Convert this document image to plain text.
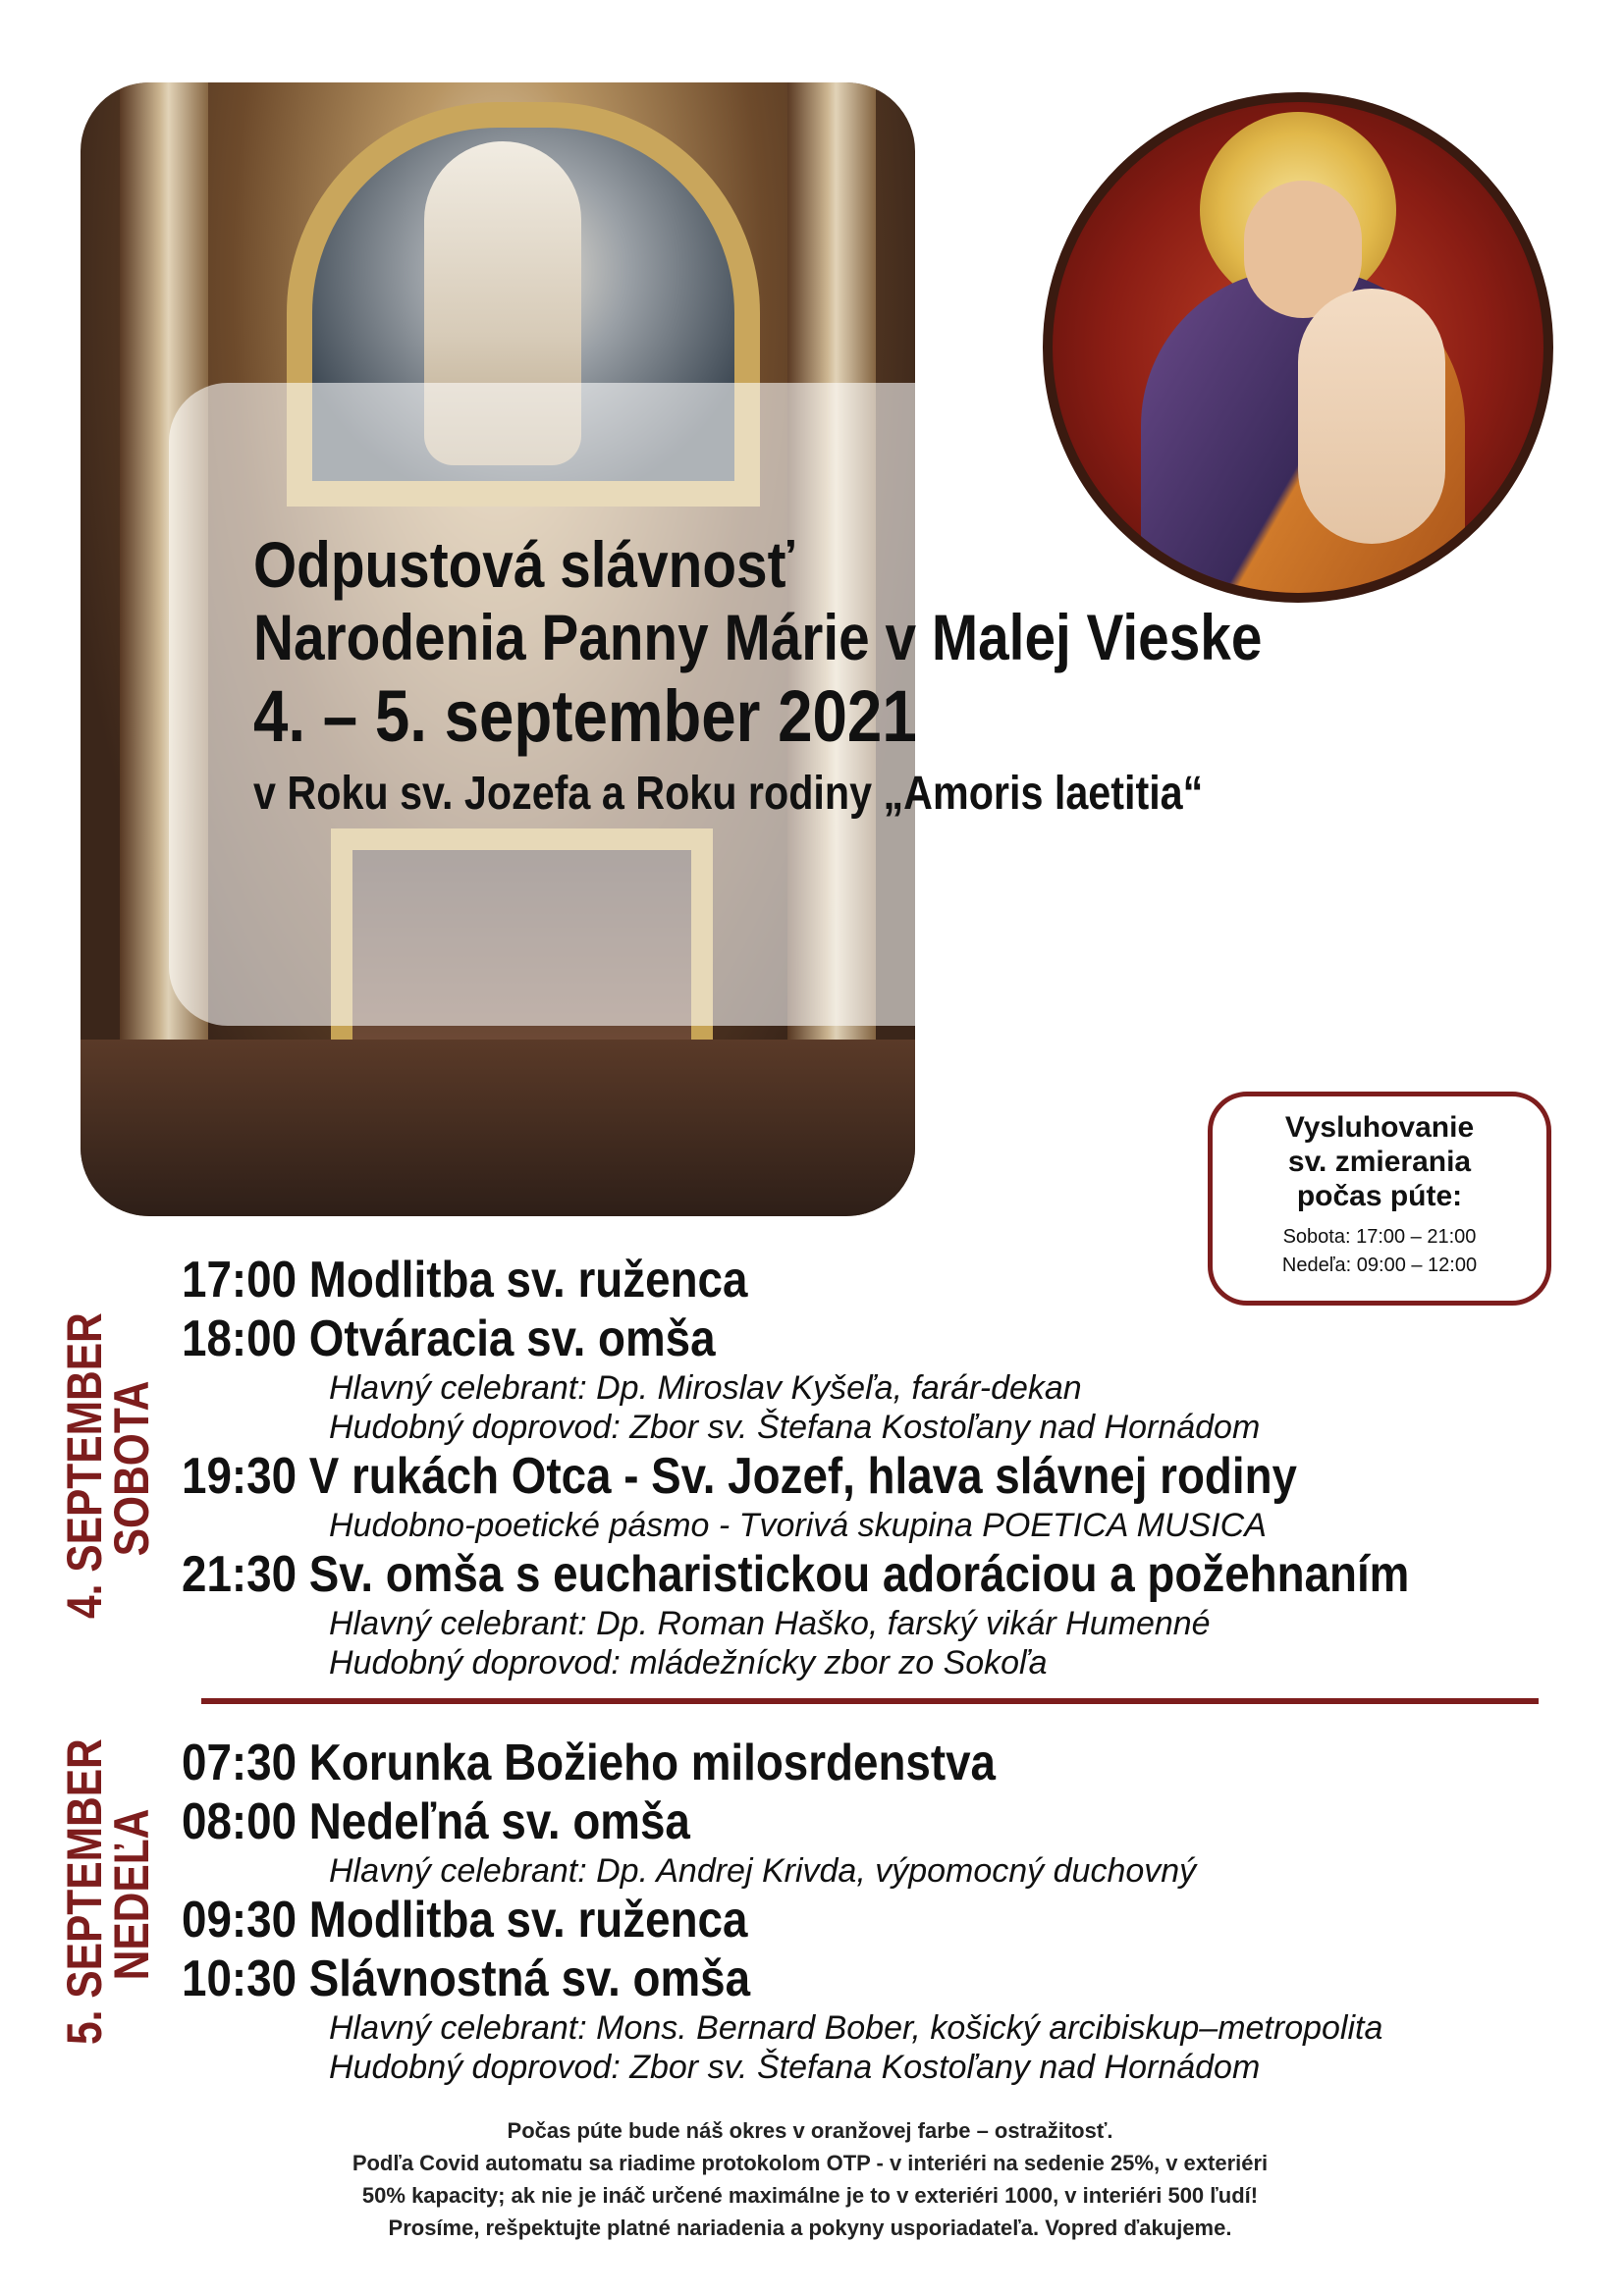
Odpustová slávnosť
Narodenia Panny Márie v Malej Vieske
4. – 5. september 2021
v Roku sv. Jozefa a Roku rodiny „Amoris laetitia“
Vysluhovanie
sv. zmierania
počas púte:
Sobota: 17:00 – 21:00
Nedeľa: 09:00 – 12:00
4. SEPTEMBER
SOBOTA
17:00 Modlitba sv. ruženca
18:00 Otváracia sv. omša
Hlavný celebrant: Dp. Miroslav Kyšeľa, farár-dekan
Hudobný doprovod: Zbor sv. Štefana Kostoľany nad Hornádom
19:30 V rukách Otca - Sv. Jozef, hlava slávnej rodiny
Hudobno-poetické pásmo - Tvorivá skupina POETICA MUSICA
21:30 Sv. omša s eucharistickou adoráciou a požehnaním
Hlavný celebrant: Dp. Roman Haško, farský vikár Humenné
Hudobný doprovod: mládežnícky zbor zo Sokoľa
5. SEPTEMBER
NEDEĽA
07:30 Korunka Božieho milosrdenstva
08:00 Nedeľná sv. omša
Hlavný celebrant: Dp. Andrej Krivda, výpomocný duchovný
09:30 Modlitba sv. ruženca
10:30 Slávnostná sv. omša
Hlavný celebrant: Mons. Bernard Bober, košický arcibiskup–metropolita
Hudobný doprovod: Zbor sv. Štefana Kostoľany nad Hornádom
Počas púte bude náš okres v oranžovej farbe – ostražitosť.
Podľa Covid automatu sa riadime protokolom OTP - v interiéri na sedenie 25%, v exteriéri
50% kapacity; ak nie je ináč určené maximálne je to v exteriéri 1000, v interiéri 500 ľudí!
Prosíme, rešpektujte platné nariadenia a pokyny usporiadateľa. Vopred ďakujeme.
